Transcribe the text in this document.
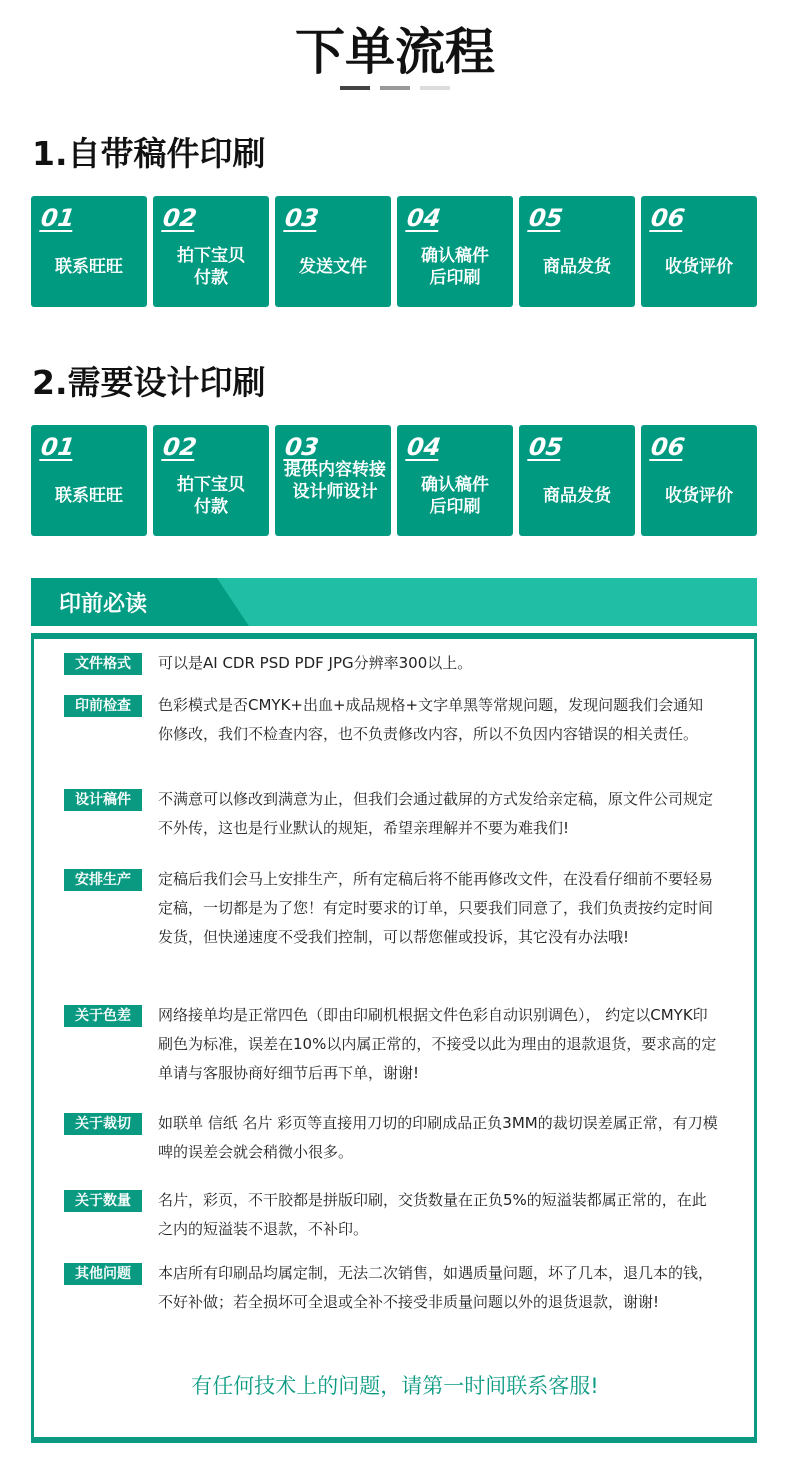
下单流程
1.自带稿件印刷
01
联系旺旺
02
拍下宝贝付款
03
发送文件
04
确认稿件后印刷
05
商品发货
06
收货评价
2.需要设计印刷
01
联系旺旺
02
拍下宝贝付款
03
提供内容转接设计师设计
04
确认稿件后印刷
05
商品发货
06
收货评价
印前必读
文件格式	可以是AI CDR PSD PDF JPG分辨率300以上。
印前检查	色彩模式是否CMYK+出血+成品规格+文字单黑等常规问题，发现问题我们会通知你修改，我们不检查内容，也不负责修改内容，所以不负因内容错误的相关责任。
设计稿件	不满意可以修改到满意为止，但我们会通过截屏的方式发给亲定稿，原文件公司规定不外传，这也是行业默认的规矩，希望亲理解并不要为难我们!
安排生产	定稿后我们会马上安排生产，所有定稿后将不能再修改文件，在没看仔细前不要轻易定稿，一切都是为了您！有定时要求的订单，只要我们同意了，我们负责按约定时间发货，但快递速度不受我们控制，可以帮您催或投诉，其它没有办法哦!
关于色差	网络接单均是正常四色（即由印刷机根据文件色彩自动识别调色）， 约定以CMYK印刷色为标准，误差在10%以内属正常的，不接受以此为理由的退款退货，要求高的定单请与客服协商好细节后再下单，谢谢!
关于裁切	如联单 信纸 名片 彩页等直接用刀切的印刷成品正负3MM的裁切误差属正常，有刀模啤的误差会就会稍微小很多。
关于数量	名片，彩页，不干胶都是拼版印刷，交货数量在正负5%的短溢装都属正常的，在此之内的短溢装不退款，不补印。
其他问题	本店所有印刷品均属定制，无法二次销售，如遇质量问题，坏了几本，退几本的钱，不好补做；若全损坏可全退或全补不接受非质量问题以外的退货退款，谢谢!
有任何技术上的问题，请第一时间联系客服!
